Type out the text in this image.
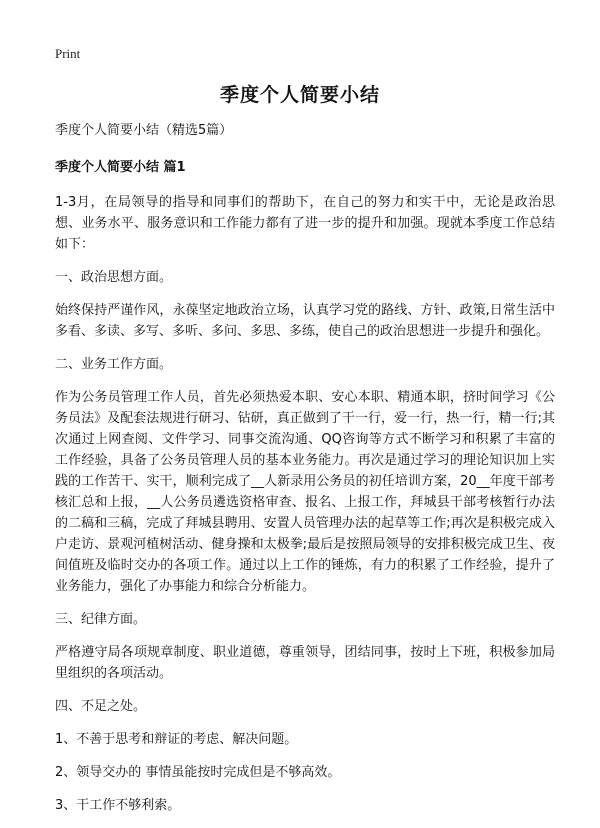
Print
季度个人简要小结

季度个人简要小结（精选5篇）

季度个人简要小结 篇1

1-3月，在局领导的指导和同事们的帮助下，在自己的努力和实干中，无论是政治思想、业务水平、服务意识和工作能力都有了进一步的提升和加强。现就本季度工作总结如下：

一、政治思想方面。

始终保持严谨作风，永葆坚定地政治立场，认真学习党的路线、方针、政策,日常生活中多看、多读、多写、多听、多问、多思、多练，使自己的政治思想进一步提升和强化。

二、业务工作方面。

作为公务员管理工作人员，首先必须热爱本职、安心本职、精通本职，挤时间学习《公务员法》及配套法规进行研习、钻研，真正做到了干一行，爱一行，热一行，精一行;其次通过上网查阅、文件学习、同事交流沟通、QQ咨询等方式不断学习和积累了丰富的工作经验，具备了公务员管理人员的基本业务能力。再次是通过学习的理论知识加上实践的工作苦干、实干，顺利完成了__人新录用公务员的初任培训方案，20__年度干部考核汇总和上报，__人公务员遴选资格审查、报名、上报工作，拜城县干部考核暂行办法的二稿和三稿，完成了拜城县聘用、安置人员管理办法的起草等工作;再次是积极完成入户走访、景观河植树活动、健身操和太极拳;最后是按照局领导的安排积极完成卫生、夜间值班及临时交办的各项工作。通过以上工作的锤炼，有力的积累了工作经验，提升了业务能力，强化了办事能力和综合分析能力。

三、纪律方面。

严格遵守局各项规章制度、职业道德，尊重领导，团结同事，按时上下班，积极参加局里组织的各项活动。

四、不足之处。

1、不善于思考和辩证的考虑、解决问题。

2、领导交办的 事情虽能按时完成但是不够高效。

3、干工作不够利索。
